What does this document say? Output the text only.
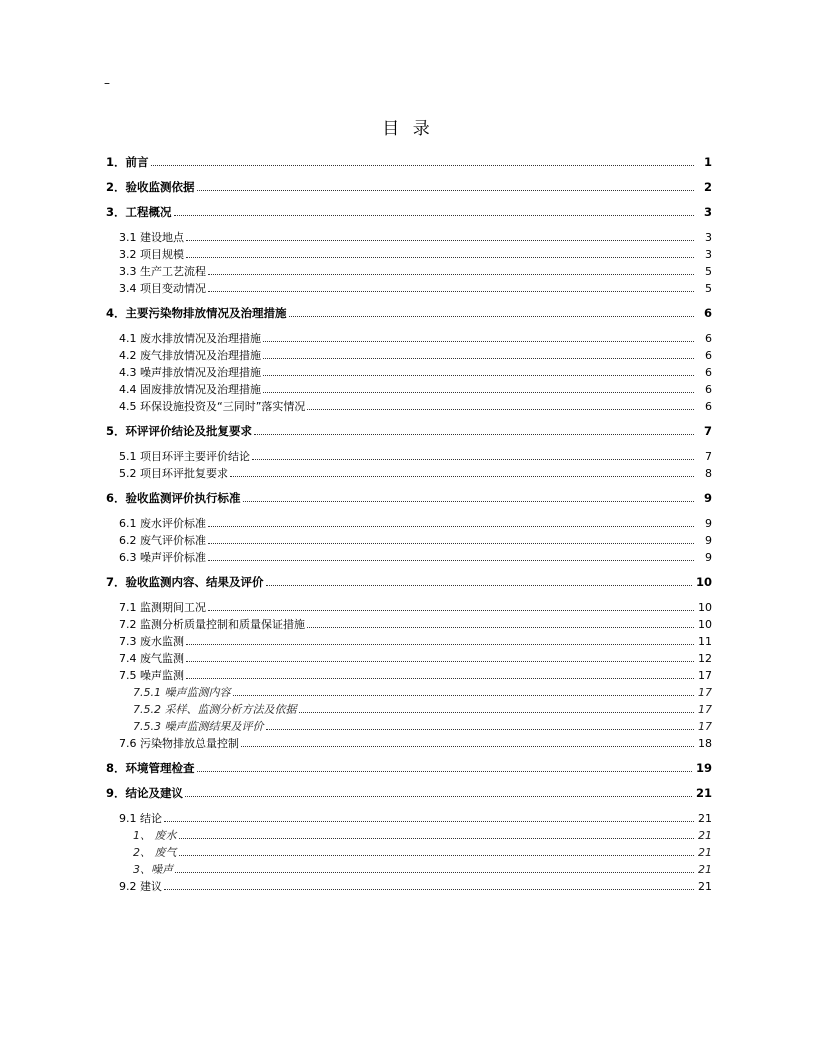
–
目 录
1．前言	1
2．验收监测依据	2
3．工程概况	3
3.1 建设地点	3
3.2 项目规模	3
3.3 生产工艺流程	5
3.4 项目变动情况	5
4．主要污染物排放情况及治理措施	6
4.1 废水排放情况及治理措施	6
4.2 废气排放情况及治理措施	6
4.3 噪声排放情况及治理措施	6
4.4 固废排放情况及治理措施	6
4.5 环保设施投资及“三同时”落实情况	6
5．环评评价结论及批复要求	7
5.1 项目环评主要评价结论	7
5.2 项目环评批复要求	8
6．验收监测评价执行标准	9
6.1 废水评价标准	9
6.2 废气评价标准	9
6.3 噪声评价标准	9
7．验收监测内容、结果及评价	10
7.1 监测期间工况	10
7.2 监测分析质量控制和质量保证措施	10
7.3 废水监测	11
7.4 废气监测	12
7.5 噪声监测	17
7.5.1 噪声监测内容	17
7.5.2 采样、监测分析方法及依据	17
7.5.3 噪声监测结果及评价	17
7.6 污染物排放总量控制	18
8．环境管理检查	19
9．结论及建议	21
9.1 结论	21
1、 废水	21
2、 废气	21
3、噪声	21
9.2 建议	21
